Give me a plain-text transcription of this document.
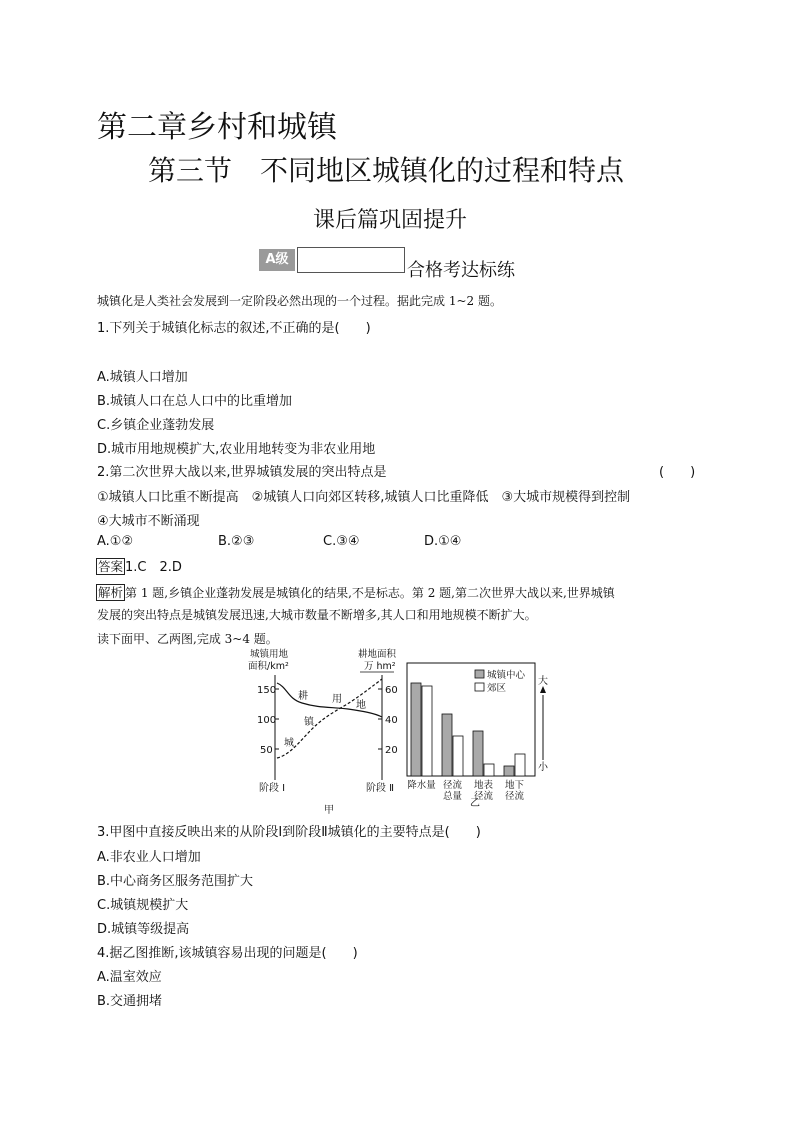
第二章乡村和城镇
第三节　不同地区城镇化的过程和特点
课后篇巩固提升
A级
合格考达标练
城镇化是人类社会发展到一定阶段必然出现的一个过程。据此完成 1~2 题。
1.下列关于城镇化标志的叙述,不正确的是(　　)
A.城镇人口增加
B.城镇人口在总人口中的比重增加
C.乡镇企业蓬勃发展
D.城市用地规模扩大,农业用地转变为非农业用地
2.第二次世界大战以来,世界城镇发展的突出特点是	(　　)
①城镇人口比重不断提高　②城镇人口向郊区转移,城镇人口比重降低　③大城市规模得到控制
④大城市不断涌现
A.①②	B.②③	C.③④	D.①④
答案 1.C　2.D
解析 第 1 题,乡镇企业蓬勃发展是城镇化的结果,不是标志。第 2 题,第二次世界大战以来,世界城镇
发展的突出特点是城镇发展迅速,大城市数量不断增多,其人口和用地规模不断扩大。
读下面甲、乙两图,完成 3~4 题。
城镇用地
面积/km²
耕地面积
万 hm²
150
100
50
60
40
20
耕 用
地
城
镇
阶段 Ⅰ	阶段 Ⅱ
甲
城镇中心
郊区
大
小
降水量 径流
总量
地表
径流
地下
径流
乙
3.甲图中直接反映出来的从阶段Ⅰ到阶段Ⅱ城镇化的主要特点是(　　)
A.非农业人口增加
B.中心商务区服务范围扩大
C.城镇规模扩大
D.城镇等级提高
4.据乙图推断,该城镇容易出现的问题是(　　)
A.温室效应
B.交通拥堵
